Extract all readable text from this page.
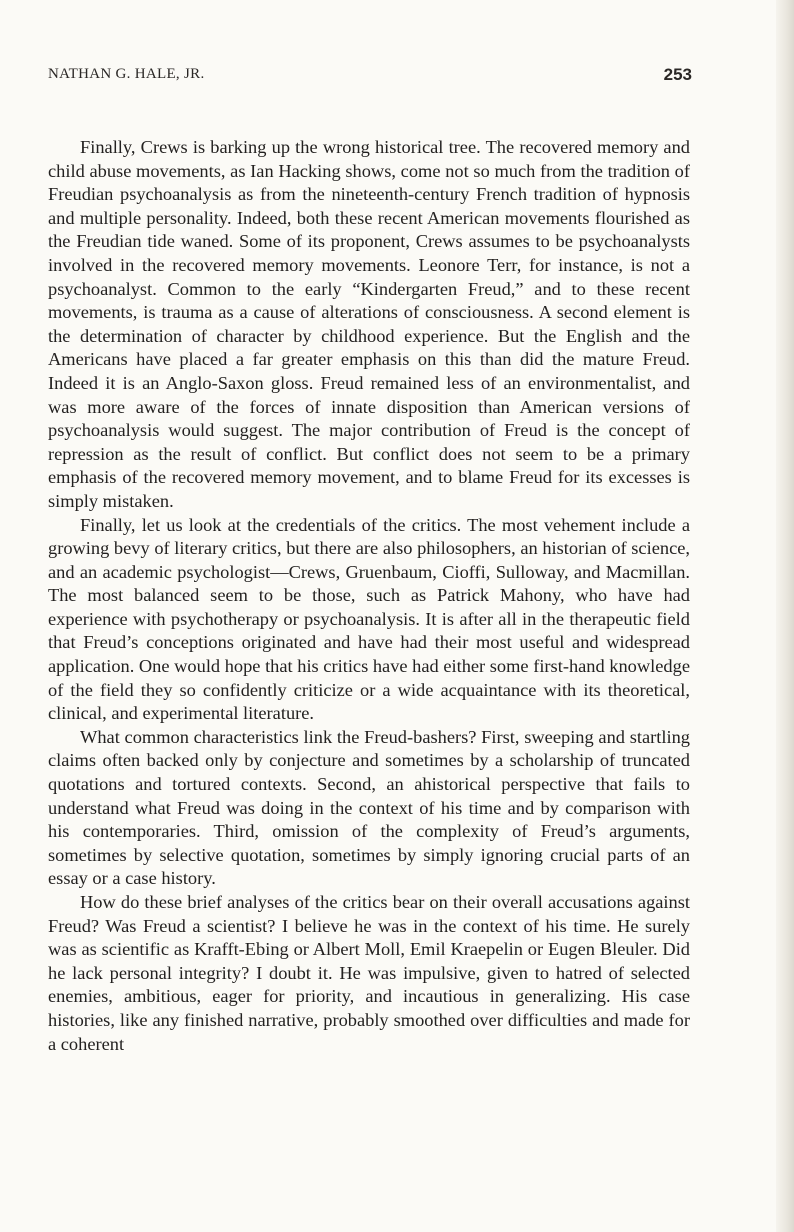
NATHAN G. HALE, JR.	253

Finally, Crews is barking up the wrong historical tree. The recovered memory and child abuse movements, as Ian Hacking shows, come not so much from the tradition of Freudian psychoanalysis as from the nineteenth-century French tradition of hypnosis and multiple personality. Indeed, both these recent American movements flourished as the Freudian tide waned. Some of its proponent, Crews assumes to be psychoanalysts involved in the recovered memory movements. Leonore Terr, for instance, is not a psychoanalyst. Common to the early “Kindergarten Freud,” and to these recent movements, is trauma as a cause of alterations of consciousness. A second element is the determination of character by childhood experience. But the English and the Americans have placed a far greater emphasis on this than did the mature Freud. Indeed it is an Anglo-Saxon gloss. Freud remained less of an environmentalist, and was more aware of the forces of innate disposition than American versions of psychoanalysis would suggest. The major contribution of Freud is the concept of repression as the result of conflict. But conflict does not seem to be a primary emphasis of the recovered memory movement, and to blame Freud for its excesses is simply mistaken.

Finally, let us look at the credentials of the critics. The most vehement include a growing bevy of literary critics, but there are also philosophers, an historian of science, and an academic psychologist—Crews, Gruenbaum, Cioffi, Sulloway, and Macmillan. The most balanced seem to be those, such as Patrick Mahony, who have had experience with psychotherapy or psychoanalysis. It is after all in the therapeutic field that Freud’s conceptions originated and have had their most useful and widespread application. One would hope that his critics have had either some first-hand knowledge of the field they so confidently criticize or a wide acquaintance with its theoretical, clinical, and experimental literature.

What common characteristics link the Freud-bashers? First, sweeping and startling claims often backed only by conjecture and sometimes by a scholarship of truncated quotations and tortured contexts. Second, an ahistorical perspective that fails to understand what Freud was doing in the context of his time and by comparison with his contemporaries. Third, omission of the complexity of Freud’s arguments, sometimes by selective quotation, sometimes by simply ignoring crucial parts of an essay or a case history.

How do these brief analyses of the critics bear on their overall accusations against Freud? Was Freud a scientist? I believe he was in the context of his time. He surely was as scientific as Krafft-Ebing or Albert Moll, Emil Kraepelin or Eugen Bleuler. Did he lack personal integrity? I doubt it. He was impulsive, given to hatred of selected enemies, ambitious, eager for priority, and incautious in generalizing. His case histories, like any finished narrative, probably smoothed over difficulties and made for a coherent
